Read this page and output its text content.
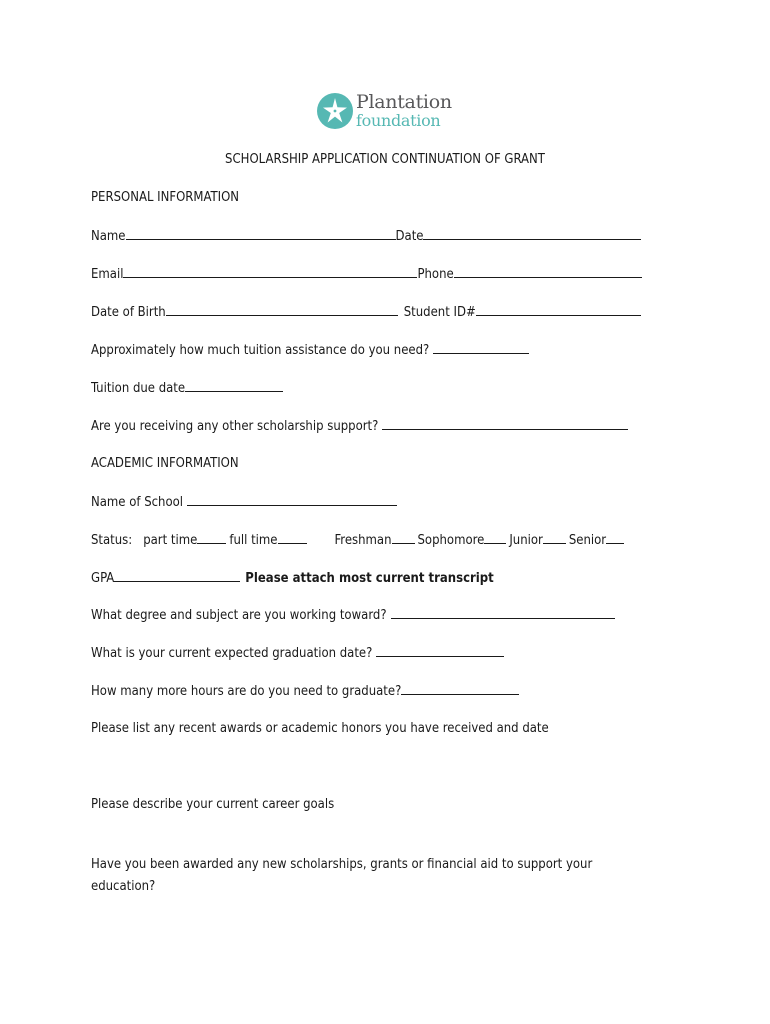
Plantation
foundation
SCHOLARSHIP APPLICATION CONTINUATION OF GRANT
PERSONAL INFORMATION
Name	Date
Email	Phone
Date of Birth	Student ID#
Approximately how much tuition assistance do you need?
Tuition due date
Are you receiving any other scholarship support?
ACADEMIC INFORMATION
Name of School
Status: part time full time	Freshman Sophomore Junior Senior
GPA	Please attach most current transcript
What degree and subject are you working toward?
What is your current expected graduation date?
How many more hours are do you need to graduate?
Please list any recent awards or academic honors you have received and date
Please describe your current career goals
Have you been awarded any new scholarships, grants or financial aid to support your
education?
